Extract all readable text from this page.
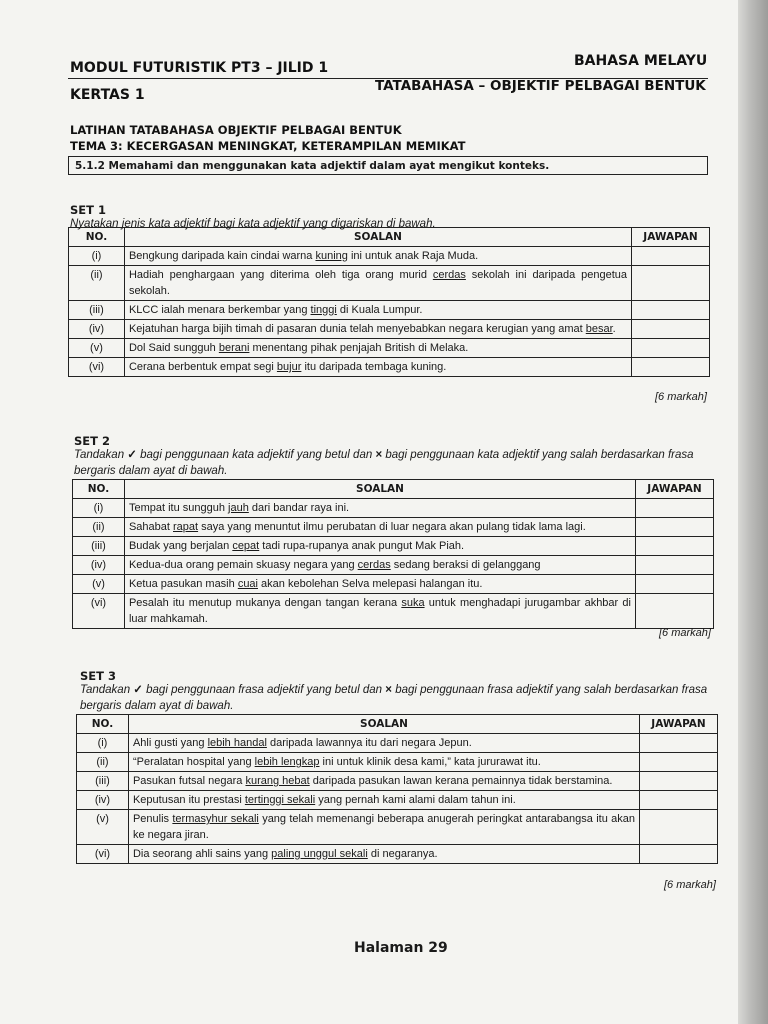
MODUL FUTURISTIK PT3 – JILID 1	BAHASA MELAYU
KERTAS 1
TATABAHASA – OBJEKTIF PELBAGAI BENTUK
LATIHAN TATABAHASA OBJEKTIF PELBAGAI BENTUK
TEMA 3: KECERGASAN MENINGKAT, KETERAMPILAN MEMIKAT
5.1.2 Memahami dan menggunakan kata adjektif dalam ayat mengikut konteks.
SET 1
Nyatakan jenis kata adjektif bagi kata adjektif yang digariskan di bawah.
NO.	SOALAN	JAWAPAN
(i)	Bengkung daripada kain cindai warna kuning ini untuk anak Raja Muda.	
(ii)	Hadiah penghargaan yang diterima oleh tiga orang murid cerdas sekolah ini daripada pengetua sekolah.	
(iii)	KLCC ialah menara berkembar yang tinggi di Kuala Lumpur.	
(iv)	Kejatuhan harga bijih timah di pasaran dunia telah menyebabkan negara kerugian yang amat besar.	
(v)	Dol Said sungguh berani menentang pihak penjajah British di Melaka.	
(vi)	Cerana berbentuk empat segi bujur itu daripada tembaga kuning.	
[6 markah]
SET 2
Tandakan ✓ bagi penggunaan kata adjektif yang betul dan × bagi penggunaan kata adjektif yang salah berdasarkan frasa bergaris dalam ayat di bawah.
NO.	SOALAN	JAWAPAN
(i)	Tempat itu sungguh jauh dari bandar raya ini.	
(ii)	Sahabat rapat saya yang menuntut ilmu perubatan di luar negara akan pulang tidak lama lagi.	
(iii)	Budak yang berjalan cepat tadi rupa-rupanya anak pungut Mak Piah.	
(iv)	Kedua-dua orang pemain skuasy negara yang cerdas sedang beraksi di gelanggang	
(v)	Ketua pasukan masih cuai akan kebolehan Selva melepasi halangan itu.	
(vi)	Pesalah itu menutup mukanya dengan tangan kerana suka untuk menghadapi jurugambar akhbar di luar mahkamah.	
[6 markah]
SET 3
Tandakan ✓ bagi penggunaan frasa adjektif yang betul dan × bagi penggunaan frasa adjektif yang salah berdasarkan frasa bergaris dalam ayat di bawah.
NO.	SOALAN	JAWAPAN
(i)	Ahli gusti yang lebih handal daripada lawannya itu dari negara Jepun.	
(ii)	“Peralatan hospital yang lebih lengkap ini untuk klinik desa kami,” kata jururawat itu.	
(iii)	Pasukan futsal negara kurang hebat daripada pasukan lawan kerana pemainnya tidak berstamina.	
(iv)	Keputusan itu prestasi tertinggi sekali yang pernah kami alami dalam tahun ini.	
(v)	Penulis termasyhur sekali yang telah memenangi beberapa anugerah peringkat antarabangsa itu akan ke negara jiran.	
(vi)	Dia seorang ahli sains yang paling unggul sekali di negaranya.	
[6 markah]
Halaman 29
